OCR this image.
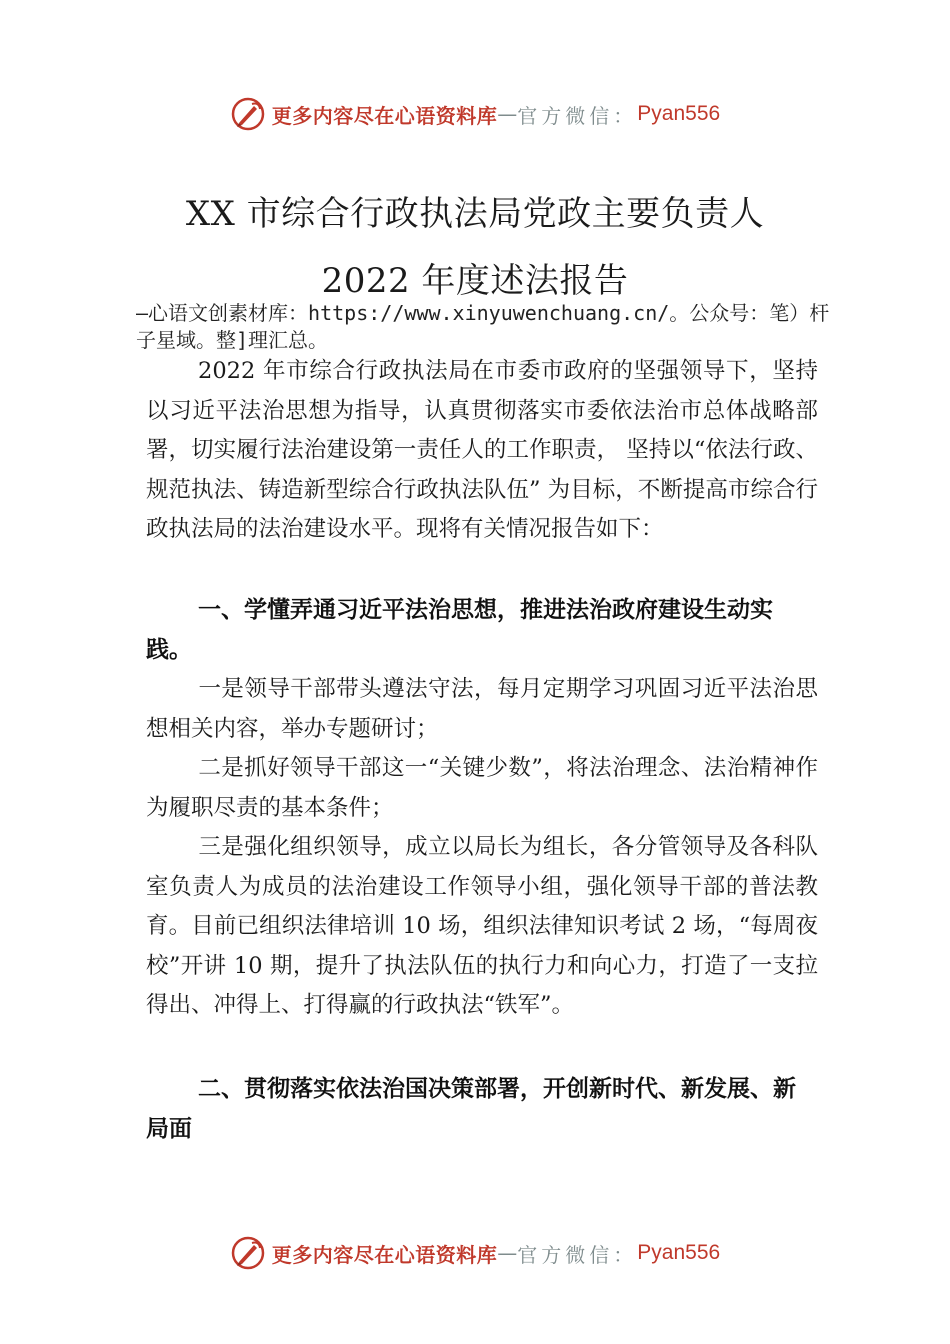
更多内容尽在心语资料库 — 官方微信： Pyan556
XX 市综合行政执法局党政主要负责人
2022 年度述法报告
—心语文创素材库：https://www.xinyuwenchuang.cn/。公众号：笔）杆子星域。整]理汇总。
2022 年市综合行政执法局在市委市政府的坚强领导下，坚持以习近平法治思想为指导，认真贯彻落实市委依法治市总体战略部署，切实履行法治建设第一责任人的工作职责， 坚持以“依法行政、规范执法、铸造新型综合行政执法队伍” 为目标，不断提高市综合行政执法局的法治建设水平。现将有关情况报告如下：
一、学懂弄通习近平法治思想，推进法治政府建设生动实践。
一是领导干部带头遵法守法，每月定期学习巩固习近平法治思想相关内容，举办专题研讨；
二是抓好领导干部这一“关键少数”，将法治理念、法治精神作为履职尽责的基本条件；
三是强化组织领导，成立以局长为组长，各分管领导及各科队室负责人为成员的法治建设工作领导小组，强化领导干部的普法教育。目前已组织法律培训 10 场，组织法律知识考试 2 场，“每周夜校”开讲 10 期，提升了执法队伍的执行力和向心力，打造了一支拉得出、冲得上、打得赢的行政执法“铁军”。
二、贯彻落实依法治国决策部署，开创新时代、新发展、新局面
更多内容尽在心语资料库 — 官方微信： Pyan556
